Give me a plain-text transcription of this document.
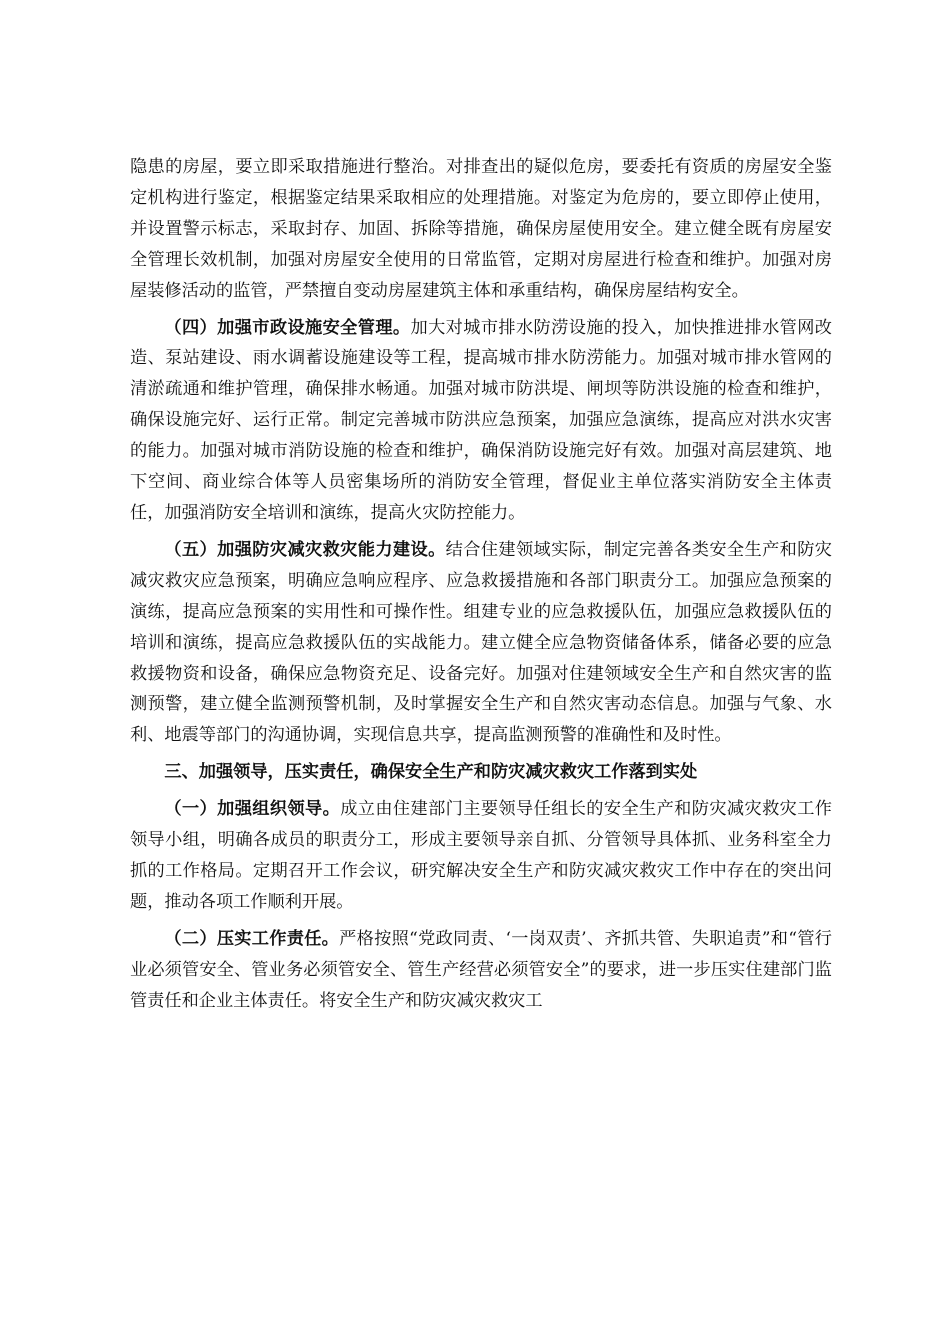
隐患的房屋，要立即采取措施进行整治。对排查出的疑似危房，要委托有资质的房屋安全鉴定机构进行鉴定，根据鉴定结果采取相应的处理措施。对鉴定为危房的，要立即停止使用，并设置警示标志，采取封存、加固、拆除等措施，确保房屋使用安全。建立健全既有房屋安全管理长效机制，加强对房屋安全使用的日常监管，定期对房屋进行检查和维护。加强对房屋装修活动的监管，严禁擅自变动房屋建筑主体和承重结构，确保房屋结构安全。

（四）加强市政设施安全管理。加大对城市排水防涝设施的投入，加快推进排水管网改造、泵站建设、雨水调蓄设施建设等工程，提高城市排水防涝能力。加强对城市排水管网的清淤疏通和维护管理，确保排水畅通。加强对城市防洪堤、闸坝等防洪设施的检查和维护，确保设施完好、运行正常。制定完善城市防洪应急预案，加强应急演练，提高应对洪水灾害的能力。加强对城市消防设施的检查和维护，确保消防设施完好有效。加强对高层建筑、地下空间、商业综合体等人员密集场所的消防安全管理，督促业主单位落实消防安全主体责任，加强消防安全培训和演练，提高火灾防控能力。

（五）加强防灾减灾救灾能力建设。结合住建领域实际，制定完善各类安全生产和防灾减灾救灾应急预案，明确应急响应程序、应急救援措施和各部门职责分工。加强应急预案的演练，提高应急预案的实用性和可操作性。组建专业的应急救援队伍，加强应急救援队伍的培训和演练，提高应急救援队伍的实战能力。建立健全应急物资储备体系，储备必要的应急救援物资和设备，确保应急物资充足、设备完好。加强对住建领域安全生产和自然灾害的监测预警，建立健全监测预警机制，及时掌握安全生产和自然灾害动态信息。加强与气象、水利、地震等部门的沟通协调，实现信息共享，提高监测预警的准确性和及时性。

三、加强领导，压实责任，确保安全生产和防灾减灾救灾工作落到实处

（一）加强组织领导。成立由住建部门主要领导任组长的安全生产和防灾减灾救灾工作领导小组，明确各成员的职责分工，形成主要领导亲自抓、分管领导具体抓、业务科室全力抓的工作格局。定期召开工作会议，研究解决安全生产和防灾减灾救灾工作中存在的突出问题，推动各项工作顺利开展。

（二）压实工作责任。严格按照“党政同责、‘一岗双责’、齐抓共管、失职追责”和“管行业必须管安全、管业务必须管安全、管生产经营必须管安全”的要求，进一步压实住建部门监管责任和企业主体责任。将安全生产和防灾减灾救灾工
